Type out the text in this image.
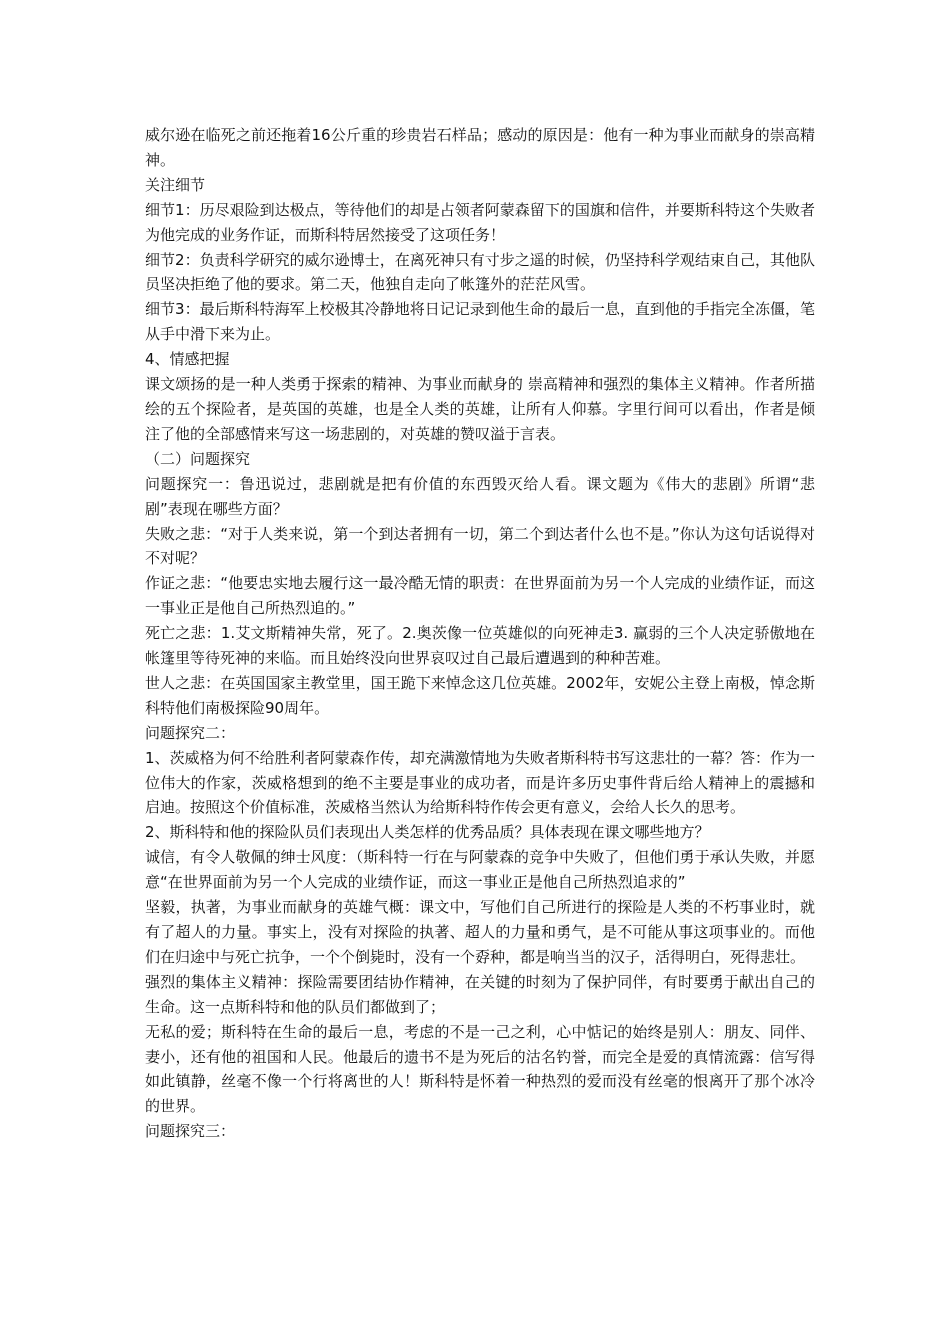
威尔逊在临死之前还拖着16公斤重的珍贵岩石样品；感动的原因是：他有一种为事业而献身的崇高精神。

关注细节

细节1：历尽艰险到达极点，等待他们的却是占领者阿蒙森留下的国旗和信件，并要斯科特这个失败者为他完成的业务作证，而斯科特居然接受了这项任务！

细节2：负责科学研究的威尔逊博士，在离死神只有寸步之遥的时候，仍坚持科学观结束自己，其他队员坚决拒绝了他的要求。第二天，他独自走向了帐篷外的茫茫风雪。

细节3：最后斯科特海军上校极其冷静地将日记记录到他生命的最后一息，直到他的手指完全冻僵，笔从手中滑下来为止。

4、情感把握

课文颂扬的是一种人类勇于探索的精神、为事业而献身的 崇高精神和强烈的集体主义精神。作者所描绘的五个探险者，是英国的英雄，也是全人类的英雄，让所有人仰慕。字里行间可以看出，作者是倾注了他的全部感情来写这一场悲剧的，对英雄的赞叹溢于言表。

（二）问题探究

问题探究一：鲁迅说过，悲剧就是把有价值的东西毁灭给人看。课文题为《伟大的悲剧》所谓“悲剧”表现在哪些方面？

失败之悲：“对于人类来说，第一个到达者拥有一切，第二个到达者什么也不是。”你认为这句话说得对不对呢？

作证之悲：“他要忠实地去履行这一最冷酷无情的职责：在世界面前为另一个人完成的业绩作证，而这一事业正是他自己所热烈追的。”

死亡之悲：1.艾文斯精神失常，死了。2.奥茨像一位英雄似的向死神走3. 赢弱的三个人决定骄傲地在帐篷里等待死神的来临。而且始终没向世界哀叹过自己最后遭遇到的种种苦难。

世人之悲：在英国国家主教堂里，国王跪下来悼念这几位英雄。2002年，安妮公主登上南极，悼念斯科特他们南极探险90周年。

问题探究二：

1、茨威格为何不给胜利者阿蒙森作传，却充满激情地为失败者斯科特书写这悲壮的一幕？答：作为一位伟大的作家，茨威格想到的绝不主要是事业的成功者，而是许多历史事件背后给人精神上的震撼和启迪。按照这个价值标准，茨威格当然认为给斯科特作传会更有意义，会给人长久的思考。

2、斯科特和他的探险队员们表现出人类怎样的优秀品质？具体表现在课文哪些地方？

诚信，有令人敬佩的绅士风度：（斯科特一行在与阿蒙森的竞争中失败了，但他们勇于承认失败，并愿意“在世界面前为另一个人完成的业绩作证，而这一事业正是他自己所热烈追求的”

坚毅，执著，为事业而献身的英雄气概：课文中，写他们自己所进行的探险是人类的不朽事业时，就有了超人的力量。事实上，没有对探险的执著、超人的力量和勇气，是不可能从事这项事业的。而他们在归途中与死亡抗争，一个个倒毙时，没有一个孬种，都是响当当的汉子，活得明白，死得悲壮。

强烈的集体主义精神：探险需要团结协作精神，在关键的时刻为了保护同伴，有时要勇于献出自己的生命。这一点斯科特和他的队员们都做到了；

无私的爱；斯科特在生命的最后一息，考虑的不是一己之利，心中惦记的始终是别人：朋友、同伴、妻小，还有他的祖国和人民。他最后的遗书不是为死后的沽名钓誉，而完全是爱的真情流露：信写得如此镇静，丝毫不像一个行将离世的人！斯科特是怀着一种热烈的爱而没有丝毫的恨离开了那个冰冷的世界。

问题探究三：
